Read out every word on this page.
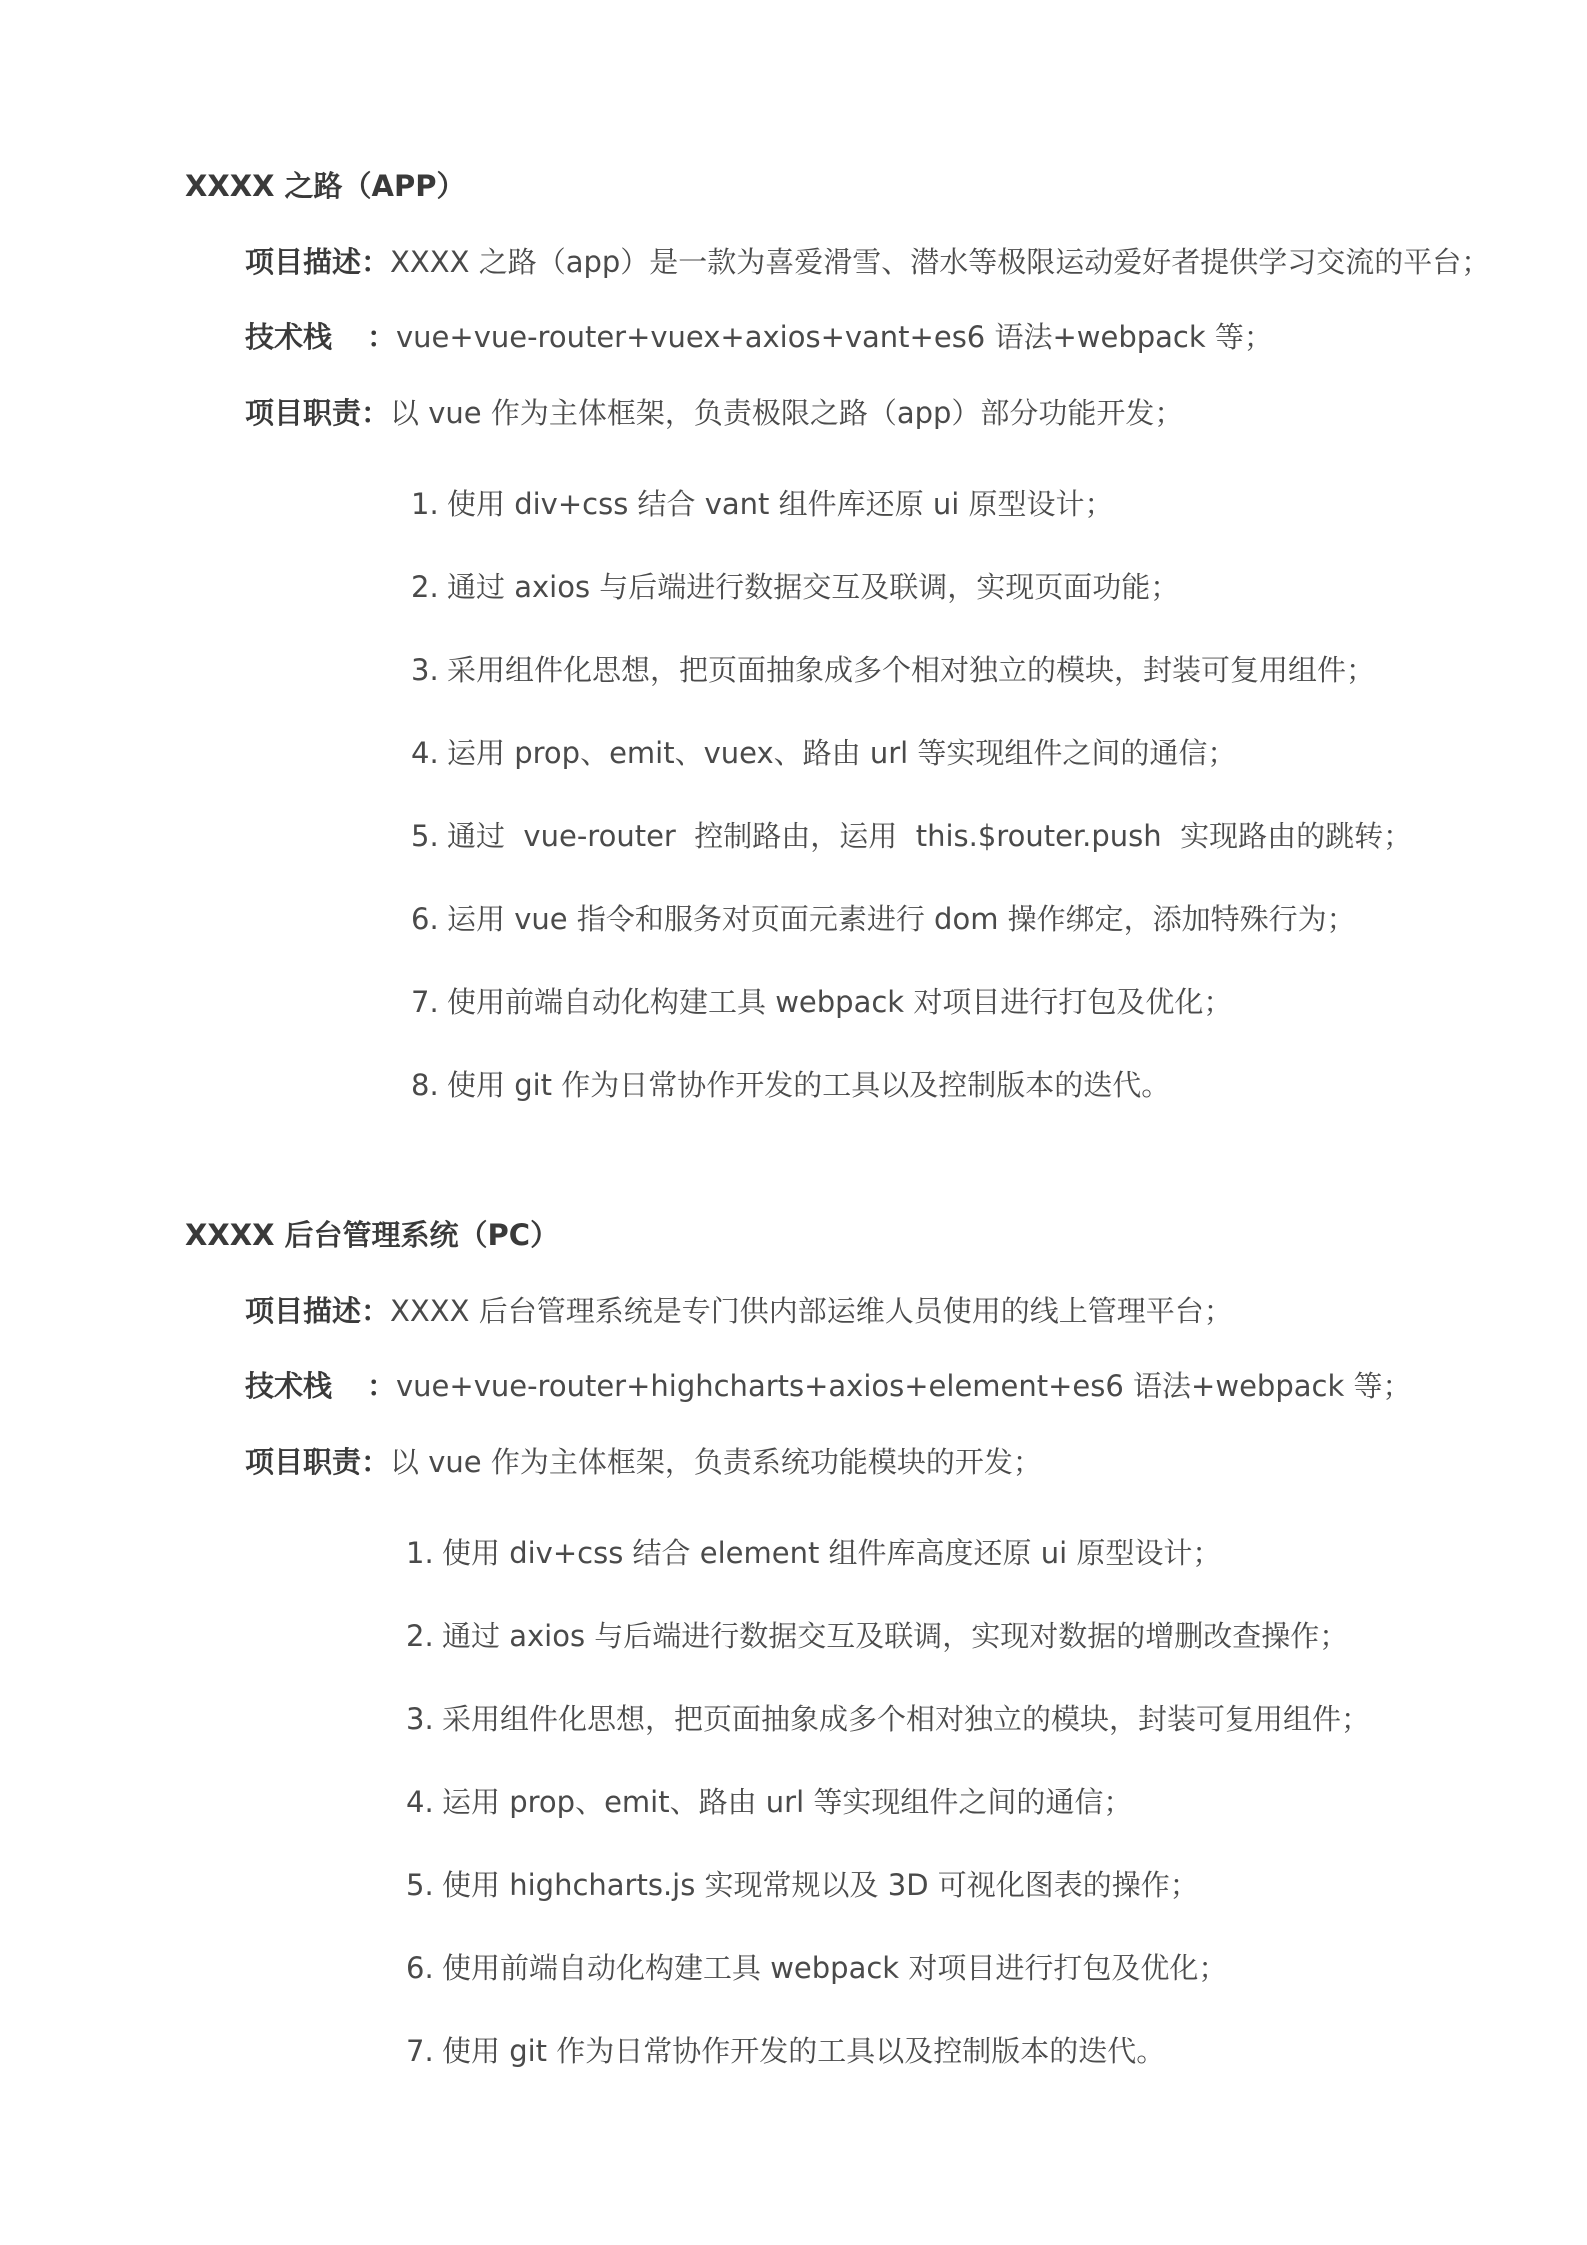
XXXX 之路（APP）
项目描述：XXXX 之路（app）是一款为喜爱滑雪、潜水等极限运动爱好者提供学习交流的平台；
技术栈 ：vue+vue-router+vuex+axios+vant+es6 语法+webpack 等；
项目职责：以 vue 作为主体框架，负责极限之路（app）部分功能开发；
1. 使用 div+css 结合 vant 组件库还原 ui 原型设计；
2. 通过 axios 与后端进行数据交互及联调，实现页面功能；
3. 采用组件化思想，把页面抽象成多个相对独立的模块，封装可复用组件；
4. 运用 prop、emit、vuex、路由 url 等实现组件之间的通信；
5. 通过  vue-router  控制路由，运用  this.$router.push  实现路由的跳转；
6. 运用 vue 指令和服务对页面元素进行 dom 操作绑定，添加特殊行为；
7. 使用前端自动化构建工具 webpack 对项目进行打包及优化；
8. 使用 git 作为日常协作开发的工具以及控制版本的迭代。
XXXX 后台管理系统（PC）
项目描述：XXXX 后台管理系统是专门供内部运维人员使用的线上管理平台；
技术栈 ：vue+vue-router+highcharts+axios+element+es6 语法+webpack 等；
项目职责：以 vue 作为主体框架，负责系统功能模块的开发；
1. 使用 div+css 结合 element 组件库高度还原 ui 原型设计；
2. 通过 axios 与后端进行数据交互及联调，实现对数据的增删改查操作；
3. 采用组件化思想，把页面抽象成多个相对独立的模块，封装可复用组件；
4. 运用 prop、emit、路由 url 等实现组件之间的通信；
5. 使用 highcharts.js 实现常规以及 3D 可视化图表的操作；
6. 使用前端自动化构建工具 webpack 对项目进行打包及优化；
7. 使用 git 作为日常协作开发的工具以及控制版本的迭代。
